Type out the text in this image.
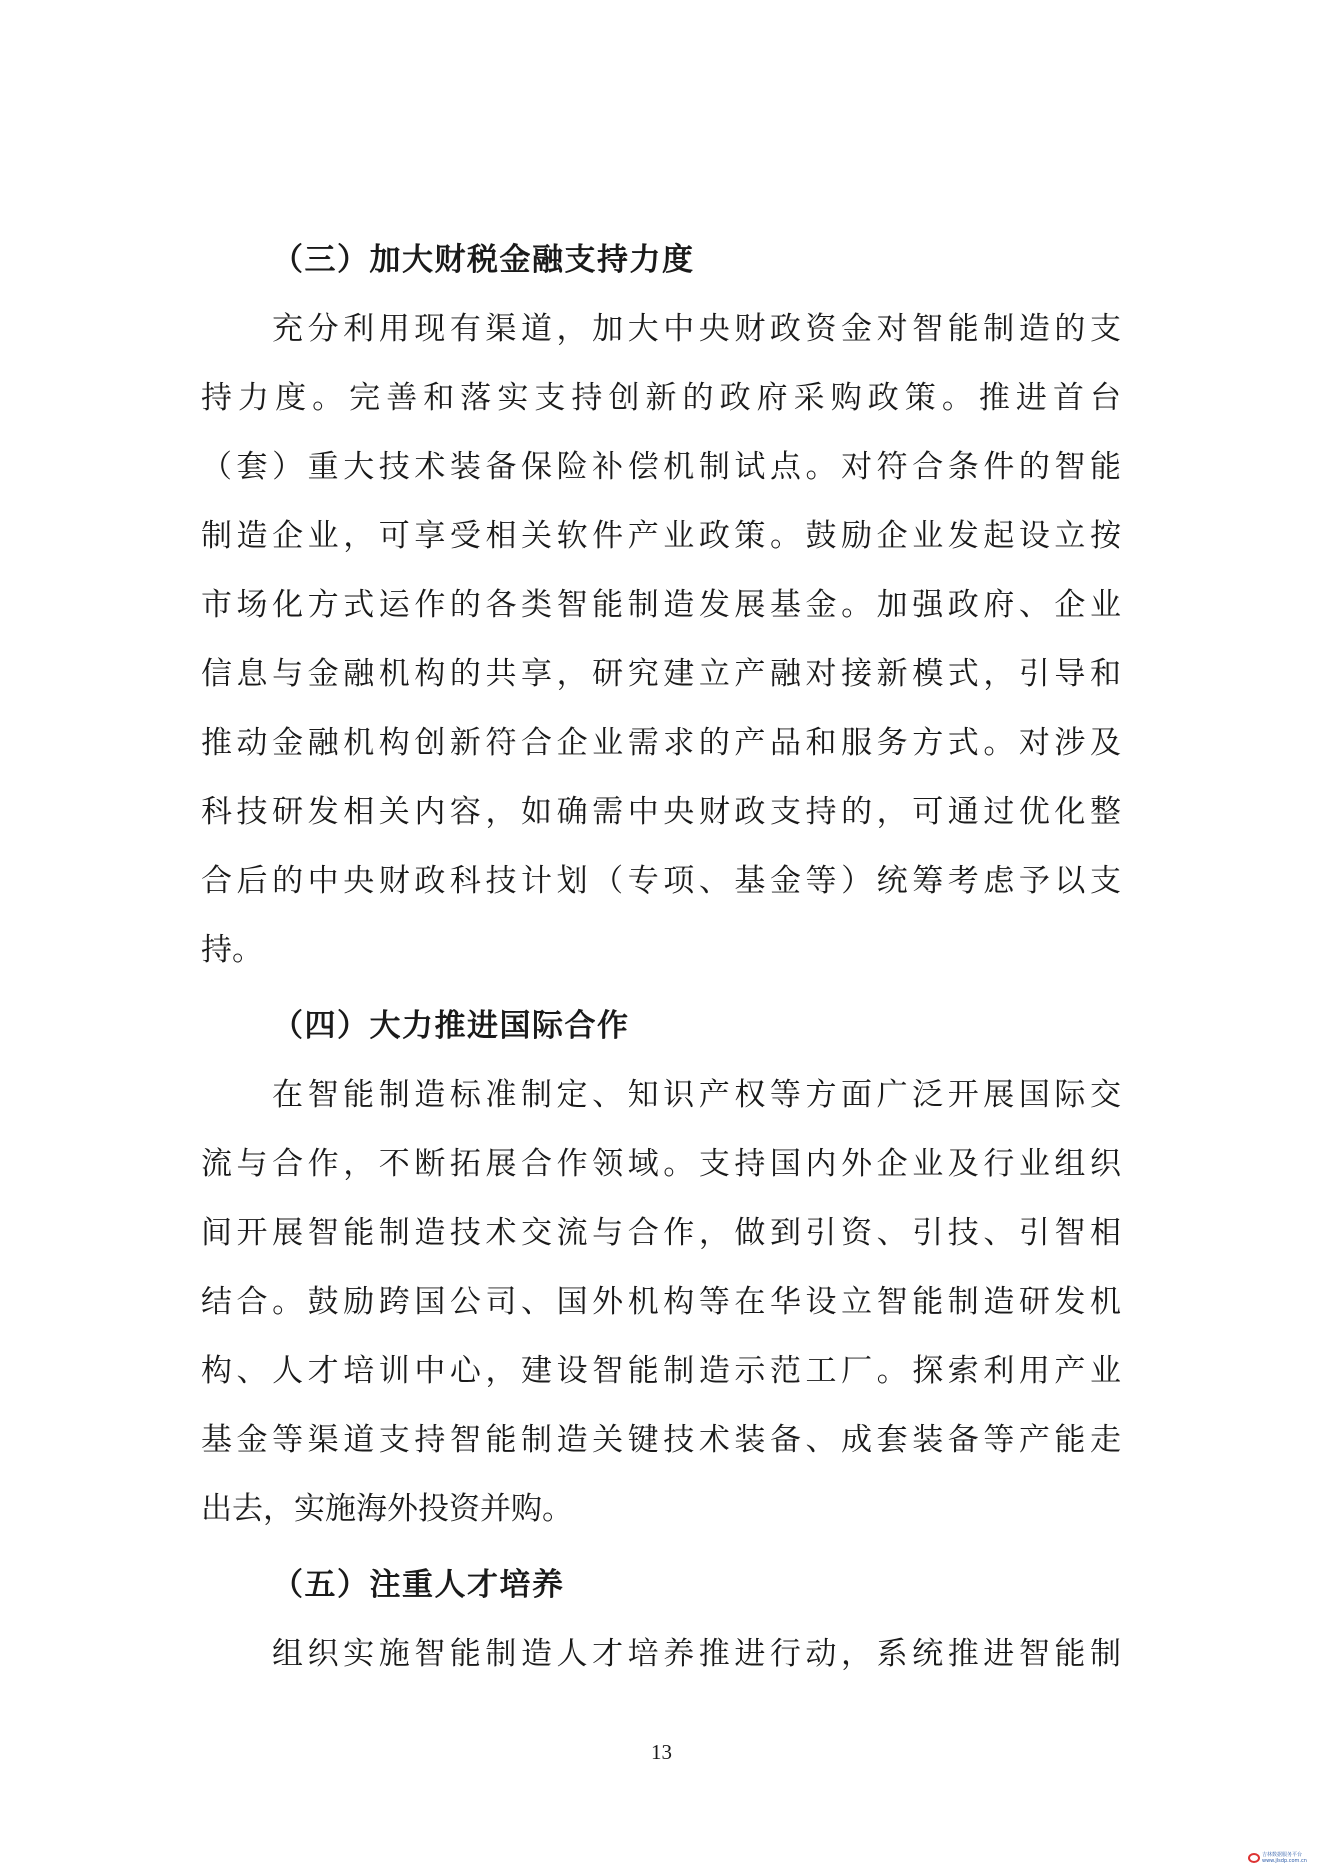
（三）加大财税金融支持力度
充分利用现有渠道，加大中央财政资金对智能制造的支
持力度。完善和落实支持创新的政府采购政策。推进首台
（套）重大技术装备保险补偿机制试点。对符合条件的智能
制造企业，可享受相关软件产业政策。鼓励企业发起设立按
市场化方式运作的各类智能制造发展基金。加强政府、企业
信息与金融机构的共享，研究建立产融对接新模式，引导和
推动金融机构创新符合企业需求的产品和服务方式。对涉及
科技研发相关内容，如确需中央财政支持的，可通过优化整
合后的中央财政科技计划（专项、基金等）统筹考虑予以支
持。
（四）大力推进国际合作
在智能制造标准制定、知识产权等方面广泛开展国际交
流与合作，不断拓展合作领域。支持国内外企业及行业组织
间开展智能制造技术交流与合作，做到引资、引技、引智相
结合。鼓励跨国公司、国外机构等在华设立智能制造研发机
构、人才培训中心，建设智能制造示范工厂。探索利用产业
基金等渠道支持智能制造关键技术装备、成套装备等产能走
出去，实施海外投资并购。
（五）注重人才培养
组织实施智能制造人才培养推进行动，系统推进智能制
13
吉林数据服务平台
www.jlsdp.com.cn
